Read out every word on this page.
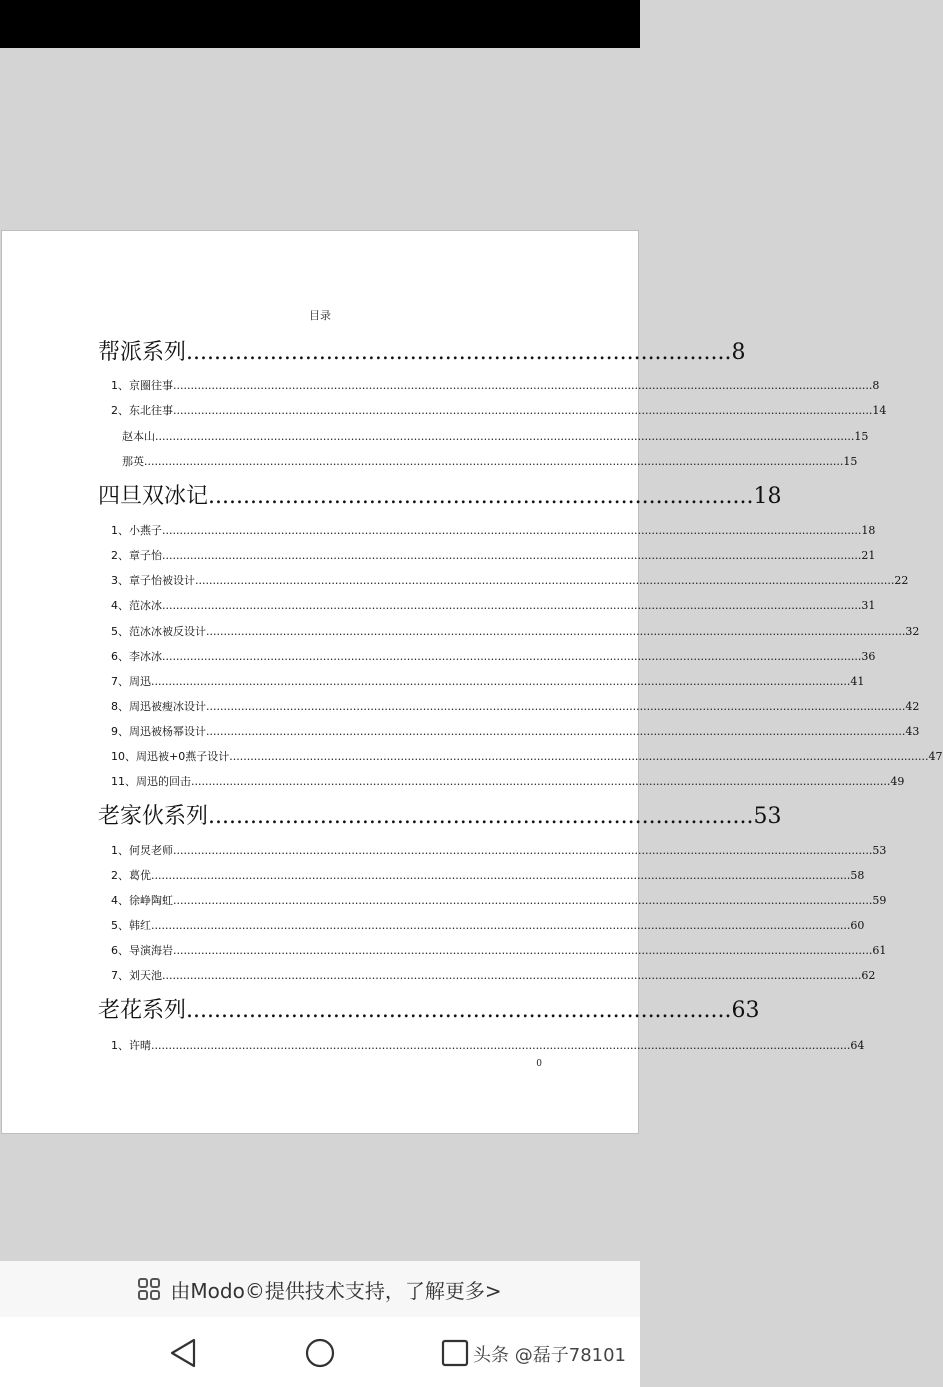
目录
帮派系列 .............................................................................. 8
1、京圈往事 ........................................................................................................................................................................................................ 8
2、东北往事 ........................................................................................................................................................................................................ 14
赵本山 ........................................................................................................................................................................................................ 15
那英 ........................................................................................................................................................................................................ 15
四旦双冰记 .............................................................................. 18
1、小燕子 ........................................................................................................................................................................................................ 18
2、章子怡 ........................................................................................................................................................................................................ 21
3、章子怡被设计 ........................................................................................................................................................................................................ 22
4、范冰冰 ........................................................................................................................................................................................................ 31
5、范冰冰被反设计 ........................................................................................................................................................................................................ 32
6、李冰冰 ........................................................................................................................................................................................................ 36
7、周迅 ........................................................................................................................................................................................................ 41
8、周迅被瘦冰设计 ........................................................................................................................................................................................................ 42
9、周迅被杨幂设计 ........................................................................................................................................................................................................ 43
10、周迅被+0燕子设计 ........................................................................................................................................................................................................ 47
11、周迅的回击 ........................................................................................................................................................................................................ 49
老家伙系列 .............................................................................. 53
1、何炅老师 ........................................................................................................................................................................................................ 53
2、葛优 ........................................................................................................................................................................................................ 58
4、徐峥陶虹 ........................................................................................................................................................................................................ 59
5、韩红 ........................................................................................................................................................................................................ 60
6、导演海岩 ........................................................................................................................................................................................................ 61
7、刘天池 ........................................................................................................................................................................................................ 62
老花系列 .............................................................................. 63
1、许晴 ........................................................................................................................................................................................................ 64
0
由Modo©提供技术支持，了解更多>
头条 @磊子78101
